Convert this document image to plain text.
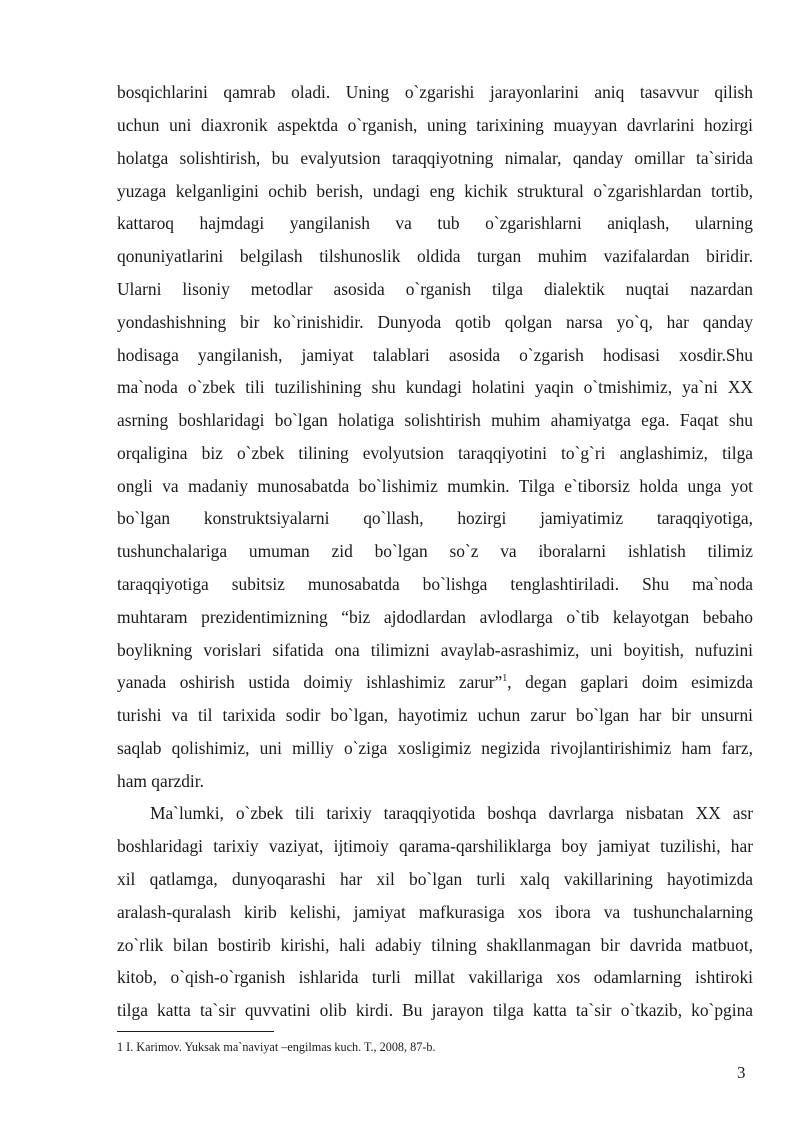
bosqichlarini qamrab oladi. Uning o`zgarishi jarayonlarini aniq tasavvur qilish
uchun uni diaxronik aspektda o`rganish, uning tarixining muayyan davrlarini hozirgi
holatga solishtirish, bu evalyutsion taraqqiyotning nimalar, qanday omillar ta`sirida
yuzaga kelganligini ochib berish, undagi eng kichik struktural o`zgarishlardan tortib,
kattaroq hajmdagi yangilanish va tub o`zgarishlarni aniqlash, ularning
qonuniyatlarini belgilash tilshunoslik oldida turgan muhim vazifalardan biridir.
Ularni lisoniy metodlar asosida o`rganish tilga dialektik nuqtai nazardan
yondashishning bir ko`rinishidir. Dunyoda qotib qolgan narsa yo`q, har qanday
hodisaga yangilanish, jamiyat talablari asosida o`zgarish hodisasi xosdir.Shu
ma`noda o`zbek tili tuzilishining shu kundagi holatini yaqin o`tmishimiz, ya`ni XX
asrning boshlaridagi bo`lgan holatiga solishtirish muhim ahamiyatga ega. Faqat shu
orqaligina biz o`zbek tilining evolyutsion taraqqiyotini to`g`ri anglashimiz, tilga
ongli va madaniy munosabatda bo`lishimiz mumkin. Tilga e`tiborsiz holda unga yot
bo`lgan konstruktsiyalarni qo`llash, hozirgi jamiyatimiz taraqqiyotiga,
tushunchalariga umuman zid bo`lgan so`z va iboralarni ishlatish tilimiz
taraqqiyotiga subitsiz munosabatda bo`lishga tenglashtiriladi. Shu ma`noda
muhtaram prezidentimizning “biz ajdodlardan avlodlarga o`tib kelayotgan bebaho
boylikning vorislari sifatida ona tilimizni avaylab-asrashimiz, uni boyitish, nufuzini
yanada oshirish ustida doimiy ishlashimiz zarur”$^1$, degan gaplari doim esimizda
turishi va til tarixida sodir bo`lgan, hayotimiz uchun zarur bo`lgan har bir unsurni
saqlab qolishimiz, uni milliy o`ziga xosligimiz negizida rivojlantirishimiz ham farz,
ham qarzdir.
Ma`lumki, o`zbek tili tarixiy taraqqiyotida boshqa davrlarga nisbatan XX asr
boshlaridagi tarixiy vaziyat, ijtimoiy qarama-qarshiliklarga boy jamiyat tuzilishi, har
xil qatlamga, dunyoqarashi har xil bo`lgan turli xalq vakillarining hayotimizda
aralash-quralash kirib kelishi, jamiyat mafkurasiga xos ibora va tushunchalarning
zo`rlik bilan bostirib kirishi, hali adabiy tilning shakllanmagan bir davrida matbuot,
kitob, o`qish-o`rganish ishlarida turli millat vakillariga xos odamlarning ishtiroki
tilga katta ta`sir quvvatini olib kirdi. Bu jarayon tilga katta ta`sir o`tkazib, ko`pgina
1 I. Karimov. Yuksak ma`naviyat –engilmas kuch. T., 2008, 87-b.
3
